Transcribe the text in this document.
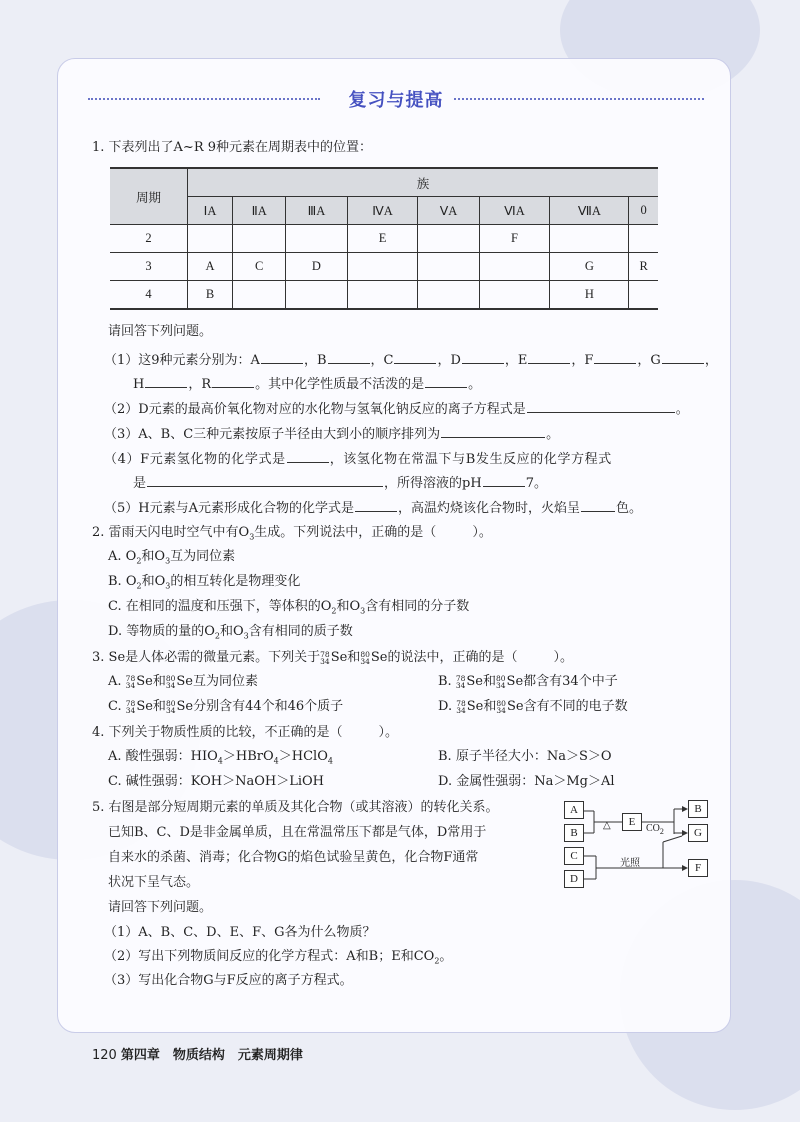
复习与提高
1. 下表列出了A~R 9种元素在周期表中的位置：
周期	族							
	ⅠA	ⅡA	ⅢA	ⅣA	ⅤA	ⅥA	ⅦA	0
2				E		F		
3	A	C	D				G	R
4	B						H	
请回答下列问题。
（1）这9种元素分别为：A	，B	，C	，D	，E	，F	，G	，
H	，R	。其中化学性质最不活泼的是	。
（2）D元素的最高价氧化物对应的水化物与氢氧化钠反应的离子方程式是	。
（3）A、B、C三种元素按原子半径由大到小的顺序排列为	。
（4）F元素氢化物的化学式是	，该氢化物在常温下与B发生反应的化学方程式
是	，所得溶液的pH	7。
（5）H元素与A元素形成化合物的化学式是	，高温灼烧该化合物时，火焰呈	色。
2. 雷雨天闪电时空气中有$O_3$生成。下列说法中，正确的是（	）。
A. $O_2$和$O_3$互为同位素
B. $O_2$和$O_3$的相互转化是物理变化
C. 在相同的温度和压强下，等体积的$O_2$和$O_3$含有相同的分子数
D. 等物质的量的$O_2$和$O_3$含有相同的质子数
3. Se是人体必需的微量元素。下列关于78
34Se和80
34Se的说法中，正确的是（	）。
A. 78
34Se和80
34Se互为同位素	B. 78
34Se和80
34Se都含有34个中子
C. 78
34Se和80
34Se分别含有44个和46个质子	D. 78
34Se和80
34Se含有不同的电子数
4. 下列关于物质性质的比较，不正确的是（	）。
A. 酸性强弱：$HIO_4>HBrO_4>HClO_4$	B. 原子半径大小：Na＞S＞O
C. 碱性强弱：KOH＞NaOH＞LiOH	D. 金属性强弱：Na＞Mg＞Al
5. 右图是部分短周期元素的单质及其化合物（或其溶液）的转化关系。
已知B、C、D是非金属单质，且在常温常压下都是气体，D常用于
自来水的杀菌、消毒；化合物G的焰色试验呈黄色，化合物F通常
状况下呈气态。
请回答下列问题。
（1）A、B、C、D、E、F、G各为什么物质？
（2）写出下列物质间反应的化学方程式：A和B；E和$CO_2$。
（3）写出化合物G与F反应的离子方程式。
A
B
C
D
E
B
G
F
△	$CO_2$
光照
120 第四章　物质结构　元素周期律
